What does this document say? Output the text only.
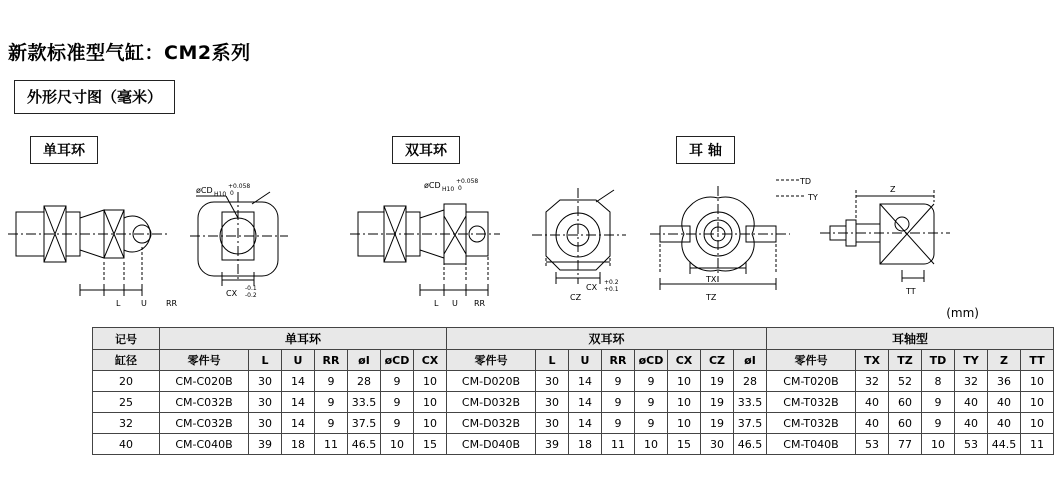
新款标准型气缸：CM2系列
外形尺寸图（毫米）
单耳环	双耳环	耳 轴
(mm)
L	U RR
øCD H10
+0.058
0
CX
-0.1
-0.2
L U RR
øCD H10
+0.058
0
CX
+0.2
+0.1
CZ
TX
TZ
TD
TY
Z
TT
记号	单耳环							双耳环								耳轴型						
缸径	零件号	L	U	RR	øI	øCD	CX	零件号	L	U	RR	øCD	CX	CZ	øI	零件号	TX	TZ	TD	TY	Z	TT
20	CM-C020B	30	14	9	28	9	10	CM-D020B	30	14	9	9	10	19	28	CM-T020B	32	52	8	32	36	10
25	CM-C032B	30	14	9	33.5	9	10	CM-D032B	30	14	9	9	10	19	33.5	CM-T032B	40	60	9	40	40	10
32	CM-C032B	30	14	9	37.5	9	10	CM-D032B	30	14	9	9	10	19	37.5	CM-T032B	40	60	9	40	40	10
40	CM-C040B	39	18	11	46.5	10	15	CM-D040B	39	18	11	10	15	30	46.5	CM-T040B	53	77	10	53	44.5	11
